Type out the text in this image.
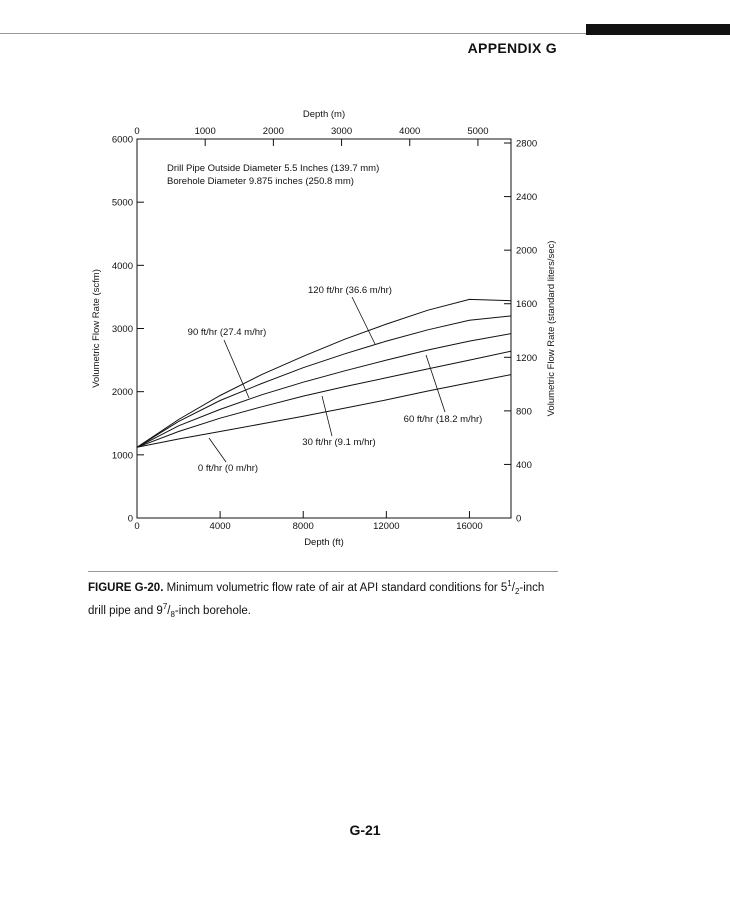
APPENDIX G
0	4000	8000	12000	16000
0
1000
2000
3000
4000
5000
6000
0	1000	2000	3000	4000	5000
0
400
800
1200
1600
2000
2400
2800
Depth (ft)
Depth (m)
Volumetric Flow Rate (scfm)	Volumetric Flow Rate (standard liters/sec)
Drill Pipe Outside Diameter 5.5 Inches (139.7 mm)
Borehole Diameter 9.875 inches (250.8 mm)
0 ft/hr (0 m/hr)
30 ft/hr (9.1 m/hr)
60 ft/hr (18.2 m/hr)
90 ft/hr (27.4 m/hr)
120 ft/hr (36.6 m/hr)
FIGURE G-20. Minimum volumetric flow rate of air at API standard conditions for $5^1/_2$-inch drill pipe and $9^7/_8$-inch borehole.
G-21
